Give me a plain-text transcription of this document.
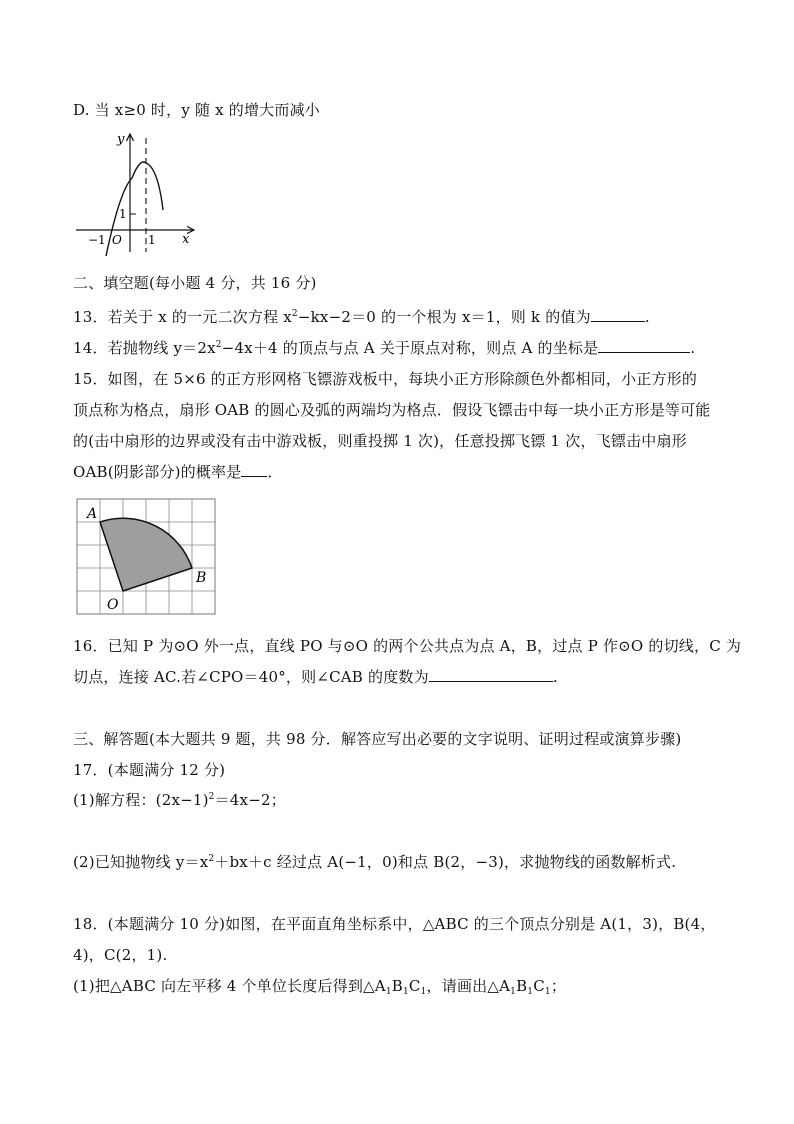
D. 当 x≥0 时，y 随 x 的增大而减小
y
x
−1 O 1
1
二、填空题(每小题 4 分，共 16 分)
13．若关于 x 的一元二次方程 $x^2-kx-2=0$ 的一个根为 x＝1，则 k 的值为	.
14．若抛物线 $y=2x^2-4x+4$ 的顶点与点 A 关于原点对称，则点 A 的坐标是	.
15．如图，在 5×6 的正方形网格飞镖游戏板中，每块小正方形除颜色外都相同，小正方形的
顶点称为格点，扇形 OAB 的圆心及弧的两端均为格点．假设飞镖击中每一块小正方形是等可能
的(击中扇形的边界或没有击中游戏板，则重投掷 1 次)，任意投掷飞镖 1 次，飞镖击中扇形
OAB(阴影部分)的概率是 ．
A
B
O
16．已知 P 为⊙O 外一点，直线 PO 与⊙O 的两个公共点为点 A，B，过点 P 作⊙O 的切线，C 为
切点，连接 AC.若∠CPO＝40°，则∠CAB 的度数为	.
三、解答题(本大题共 9 题，共 98 分．解答应写出必要的文字说明、证明过程或演算步骤)
17．(本题满分 12 分)
(1)解方程：$(2x-1)^2=4x-2$；
(2)已知抛物线 $y=x^2+bx+c$ 经过点 A(−1，0)和点 B(2，−3)，求抛物线的函数解析式.
18．(本题满分 10 分)如图，在平面直角坐标系中，△ABC 的三个顶点分别是 A(1，3)，B(4，
4)，C(2，1).
(1)把△ABC 向左平移 4 个单位长度后得到$\triangle A_1B_1C_1$，请画出$\triangle A_1B_1C_1$；
